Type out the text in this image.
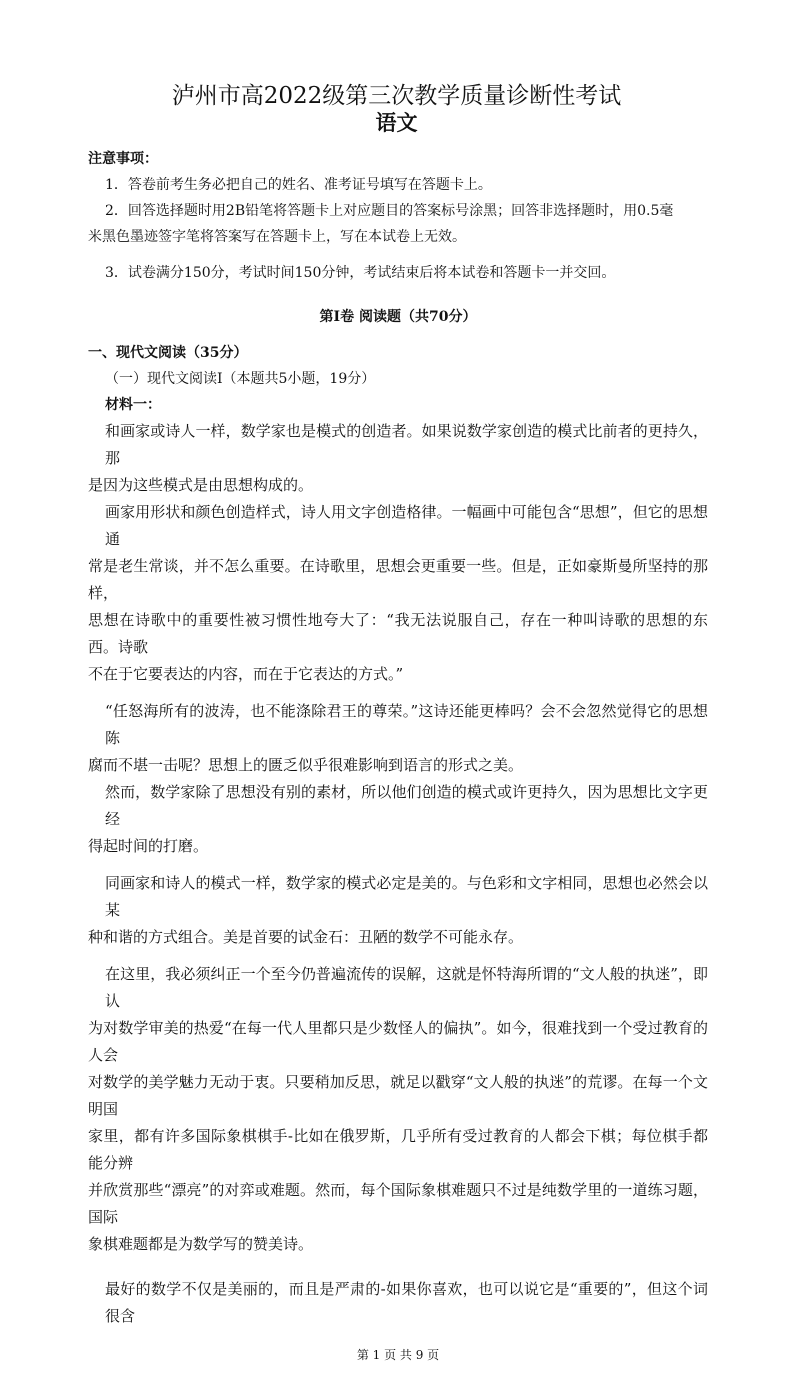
泸州市高2022级第三次教学质量诊断性考试
语文
注意事项：
1．答卷前考生务必把自己的姓名、准考证号填写在答题卡上。
2．回答选择题时用2B铅笔将答题卡上对应题目的答案标号涂黑；回答非选择题时，用0.5毫
米黑色墨迹签字笔将答案写在答题卡上，写在本试卷上无效。
3．试卷满分150分，考试时间150分钟，考试结束后将本试卷和答题卡一并交回。
第I卷 阅读题（共70分）
一、现代文阅读（35分）
（一）现代文阅读I（本题共5小题，19分）
材料一：
和画家或诗人一样，数学家也是模式的创造者。如果说数学家创造的模式比前者的更持久，那
是因为这些模式是由思想构成的。
画家用形状和颜色创造样式，诗人用文字创造格律。一幅画中可能包含“思想”，但它的思想通
常是老生常谈，并不怎么重要。在诗歌里，思想会更重要一些。但是，正如豪斯曼所坚持的那样，
思想在诗歌中的重要性被习惯性地夸大了：“我无法说服自己，存在一种叫诗歌的思想的东西。诗歌
不在于它要表达的内容，而在于它表达的方式。”
“任怒海所有的波涛，也不能涤除君王的尊荣。”这诗还能更棒吗？会不会忽然觉得它的思想陈
腐而不堪一击呢？思想上的匮乏似乎很难影响到语言的形式之美。
然而，数学家除了思想没有别的素材，所以他们创造的模式或许更持久，因为思想比文字更经
得起时间的打磨。
同画家和诗人的模式一样，数学家的模式必定是美的。与色彩和文字相同，思想也必然会以某
种和谐的方式组合。美是首要的试金石：丑陋的数学不可能永存。
在这里，我必须纠正一个至今仍普遍流传的误解，这就是怀特海所谓的“文人般的执迷”，即认
为对数学审美的热爱“在每一代人里都只是少数怪人的偏执”。如今，很难找到一个受过教育的人会
对数学的美学魅力无动于衷。只要稍加反思，就足以戳穿“文人般的执迷”的荒谬。在每一个文明国
家里，都有许多国际象棋棋手-比如在俄罗斯，几乎所有受过教育的人都会下棋；每位棋手都能分辨
并欣赏那些“漂亮”的对弈或难题。然而，每个国际象棋难题只不过是纯数学里的一道练习题，国际
象棋难题都是为数学写的赞美诗。
最好的数学不仅是美丽的，而且是严肃的-如果你喜欢，也可以说它是“重要的”，但这个词很含
第 1 页 共 9 页
